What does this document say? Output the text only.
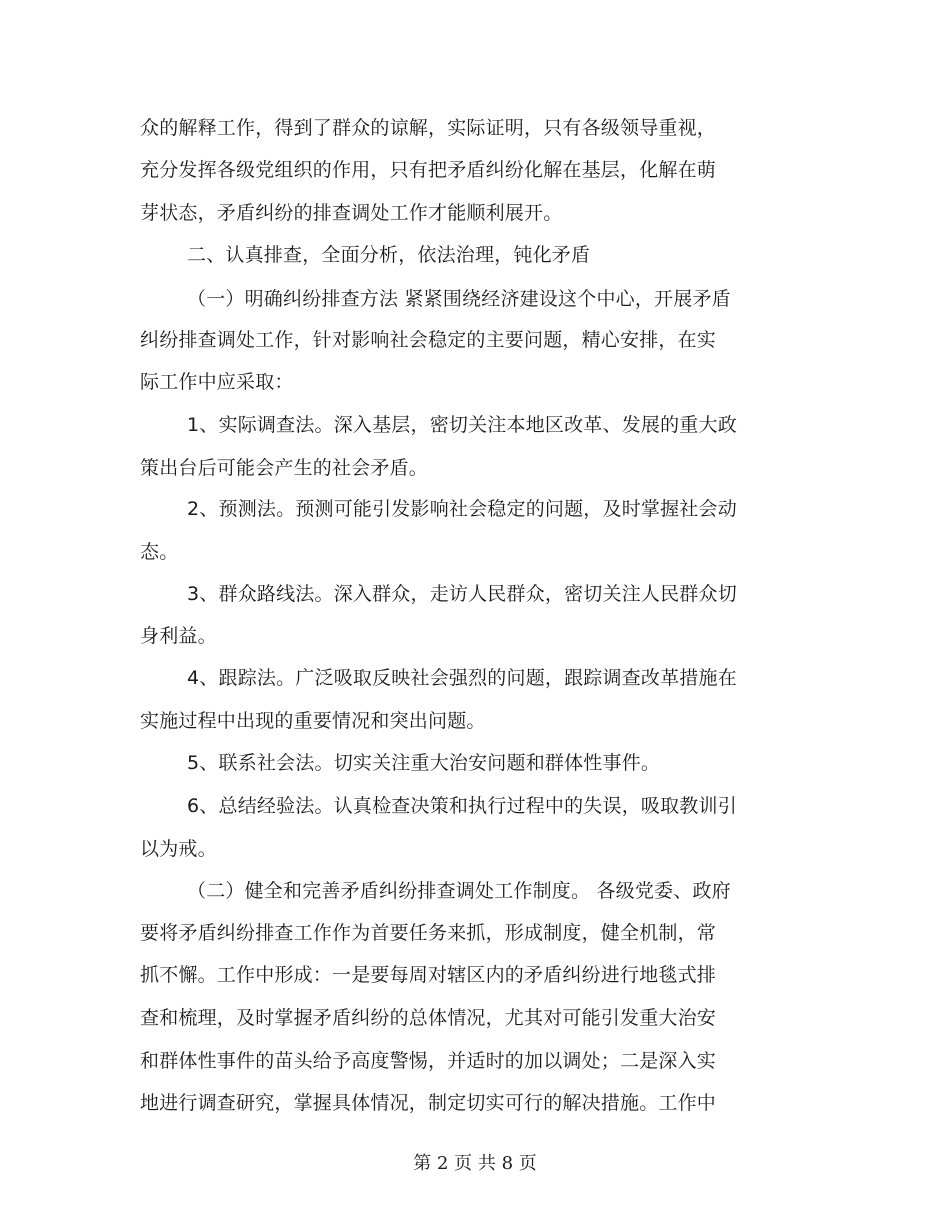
众的解释工作，得到了群众的谅解，实际证明，只有各级领导重视，
充分发挥各级党组织的作用，只有把矛盾纠纷化解在基层，化解在萌
芽状态，矛盾纠纷的排查调处工作才能顺利展开。
二、认真排查，全面分析，依法治理，钝化矛盾
（一）明确纠纷排查方法 紧紧围绕经济建设这个中心，开展矛盾
纠纷排查调处工作，针对影响社会稳定的主要问题，精心安排，在实
际工作中应采取：
1、实际调查法。深入基层，密切关注本地区改革、发展的重大政
策出台后可能会产生的社会矛盾。
2、预测法。预测可能引发影响社会稳定的问题，及时掌握社会动
态。
3、群众路线法。深入群众，走访人民群众，密切关注人民群众切
身利益。
4、跟踪法。广泛吸取反映社会强烈的问题，跟踪调查改革措施在
实施过程中出现的重要情况和突出问题。
5、联系社会法。切实关注重大治安问题和群体性事件。
6、总结经验法。认真检查决策和执行过程中的失误，吸取教训引
以为戒。
（二）健全和完善矛盾纠纷排查调处工作制度。 各级党委、政府
要将矛盾纠纷排查工作作为首要任务来抓，形成制度，健全机制，常
抓不懈。工作中形成：一是要每周对辖区内的矛盾纠纷进行地毯式排
查和梳理，及时掌握矛盾纠纷的总体情况，尤其对可能引发重大治安
和群体性事件的苗头给予高度警惕，并适时的加以调处；二是深入实
地进行调查研究，掌握具体情况，制定切实可行的解决措施。工作中
第 2 页 共 8 页
